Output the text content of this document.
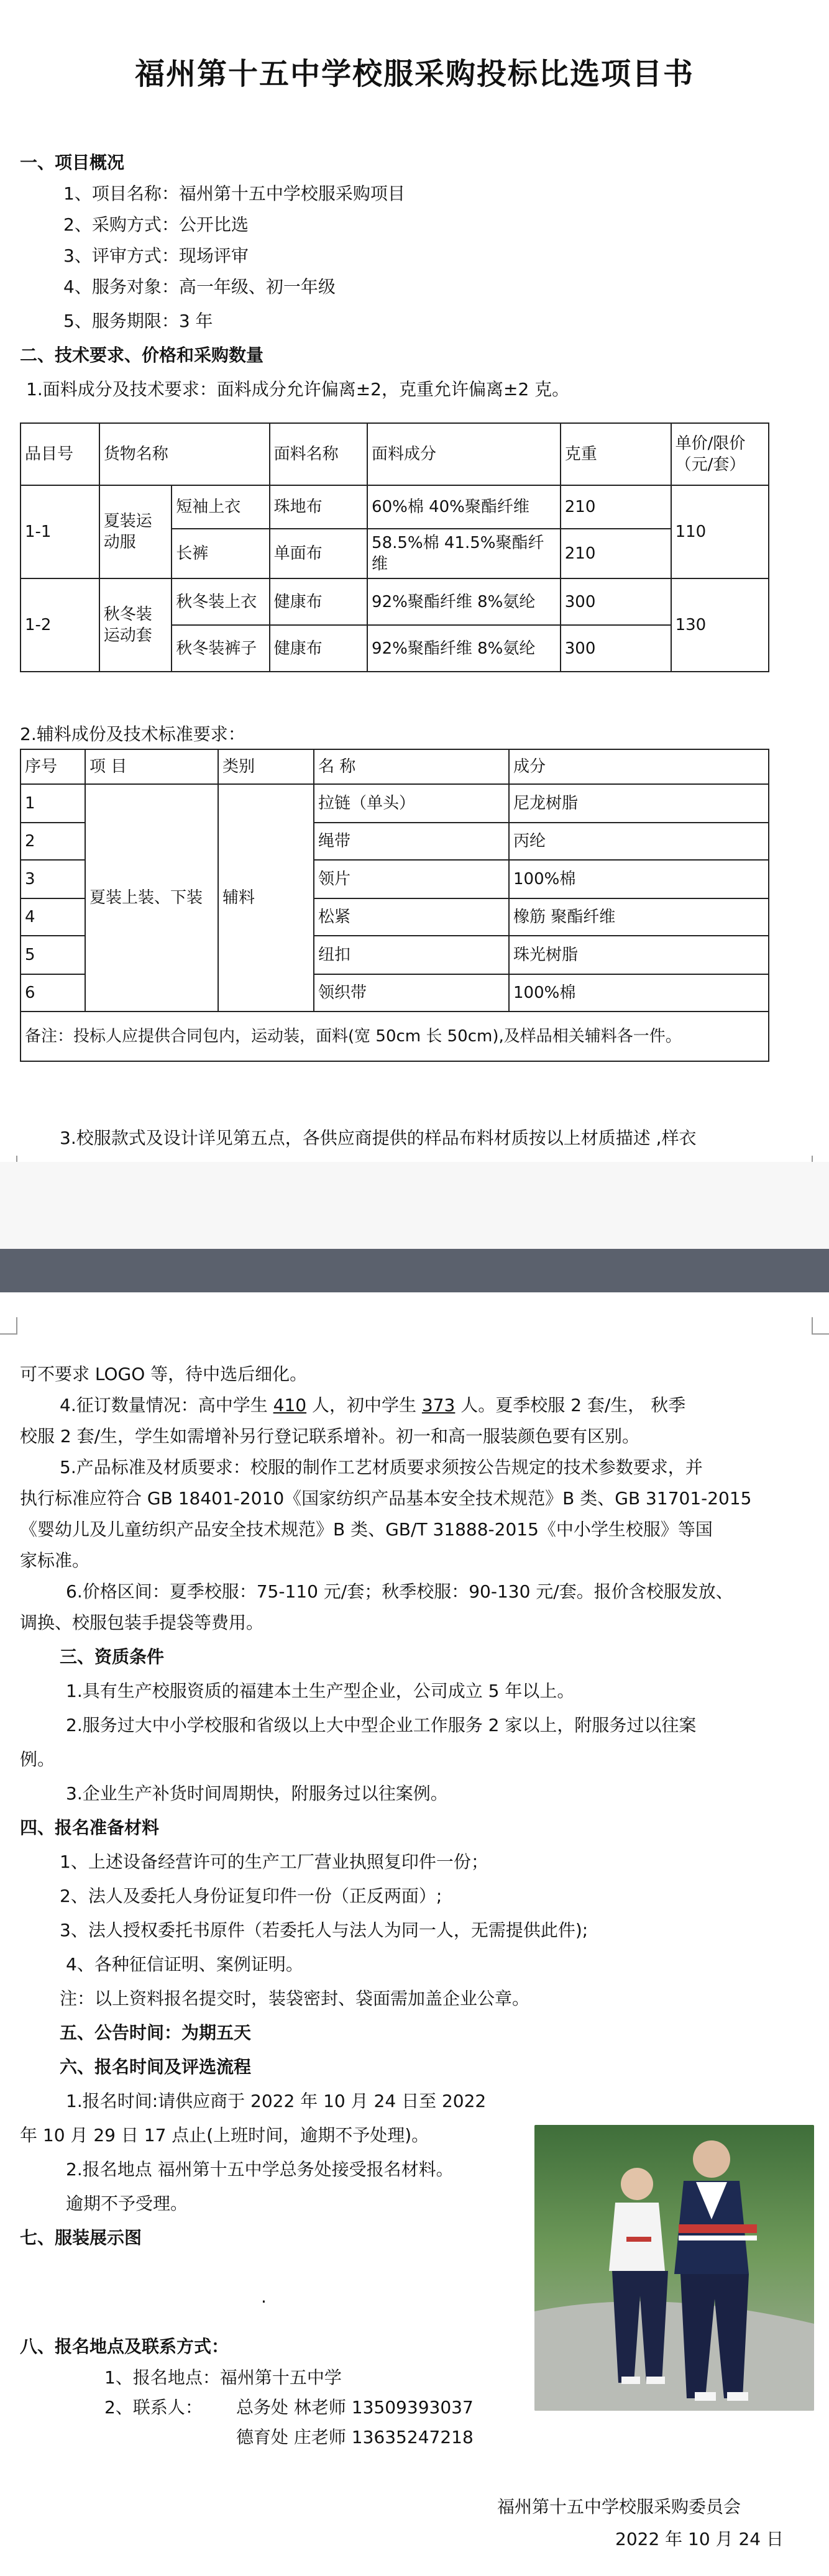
福州第十五中学校服采购投标比选项目书
一、项目概况
1、项目名称：福州第十五中学校服采购项目
2、采购方式：公开比选
3、评审方式：现场评审
4、服务对象：高一年级、初一年级
5、服务期限：3 年
二、技术要求、价格和采购数量
1.面料成分及技术要求：面料成分允许偏离±2，克重允许偏离±2 克。
品目号	货物名称		面料名称	面料成分	克重	单价/限价（元/套）
1-1	夏装运动服	短袖上衣	珠地布	60%棉 40%聚酯纤维	210	110
		长裤	单面布	58.5%棉 41.5%聚酯纤维	210	
1-2	秋冬装运动套	秋冬装上衣	健康布	92%聚酯纤维 8%氨纶	300	130
		秋冬装裤子	健康布	92%聚酯纤维 8%氨纶	300	
2.辅料成份及技术标准要求：
序号	项 目	类别	名 称	成分
1	夏装上装、下装	辅料	拉链（单头）	尼龙树脂
2			绳带	丙纶
3			领片	100%棉
4			松紧	橡筋 聚酯纤维
5			纽扣	珠光树脂
6			领织带	100%棉
备注：投标人应提供合同包内，运动装，面料(宽 50cm 长 50cm),及样品相关辅料各一件。				
3.校服款式及设计详见第五点，各供应商提供的样品布料材质按以上材质描述 ,样衣
可不要求 LOGO 等，待中选后细化。
4.征订数量情况：高中学生 410 人，初中学生 373 人。夏季校服 2 套/生， 秋季
校服 2 套/生，学生如需增补另行登记联系增补。初一和高一服装颜色要有区别。
5.产品标准及材质要求：校服的制作工艺材质要求须按公告规定的技术参数要求，并
执行标准应符合 GB 18401-2010《国家纺织产品基本安全技术规范》B 类、GB 31701-2015
《婴幼儿及儿童纺织产品安全技术规范》B 类、GB/T 31888-2015《中小学生校服》等国
家标准。
6.价格区间：夏季校服：75-110 元/套；秋季校服：90-130 元/套。报价含校服发放、
调换、校服包装手提袋等费用。
三、资质条件
1.具有生产校服资质的福建本土生产型企业，公司成立 5 年以上。
2.服务过大中小学校服和省级以上大中型企业工作服务 2 家以上，附服务过以往案
例。
3.企业生产补货时间周期快，附服务过以往案例。
四、报名准备材料
1、上述设备经营许可的生产工厂营业执照复印件一份；
2、法人及委托人身份证复印件一份（正反两面）;
3、法人授权委托书原件（若委托人与法人为同一人，无需提供此件);
4、各种征信证明、案例证明。
注：以上资料报名提交时，装袋密封、袋面需加盖企业公章。
五、公告时间：为期五天
六、报名时间及评选流程
1.报名时间:请供应商于 2022 年 10 月 24 日至 2022
年 10 月 29 日 17 点止(上班时间，逾期不予处理)。
2.报名地点 福州第十五中学总务处接受报名材料。
逾期不予受理。
七、服装展示图
.
八、报名地点及联系方式：
1、报名地点：福州第十五中学
2、联系人： 总务处 林老师 13509393037
德育处 庄老师 13635247218
福州第十五中学校服采购委员会
2022 年 10 月 24 日
